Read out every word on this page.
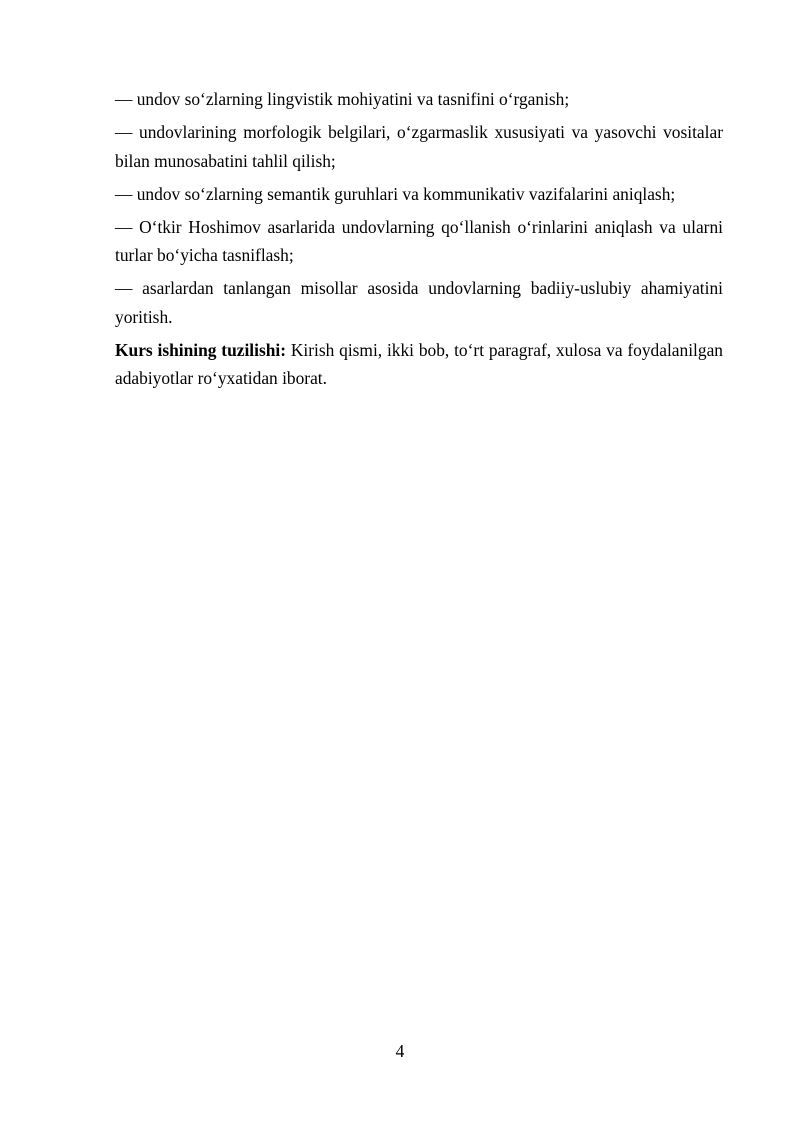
— undov so‘zlarning lingvistik mohiyatini va tasnifini o‘rganish;

— undovlarining morfologik belgilari, o‘zgarmaslik xususiyati va yasovchi vositalar bilan munosabatini tahlil qilish;

— undov so‘zlarning semantik guruhlari va kommunikativ vazifalarini aniqlash;

— O‘tkir Hoshimov asarlarida undovlarning qo‘llanish o‘rinlarini aniqlash va ularni turlar bo‘yicha tasniflash;

— asarlardan tanlangan misollar asosida undovlarning badiiy-uslubiy ahamiyatini yoritish.

Kurs ishining tuzilishi: Kirish qismi, ikki bob, to‘rt paragraf, xulosa va foydalanilgan adabiyotlar ro‘yxatidan iborat.

4
